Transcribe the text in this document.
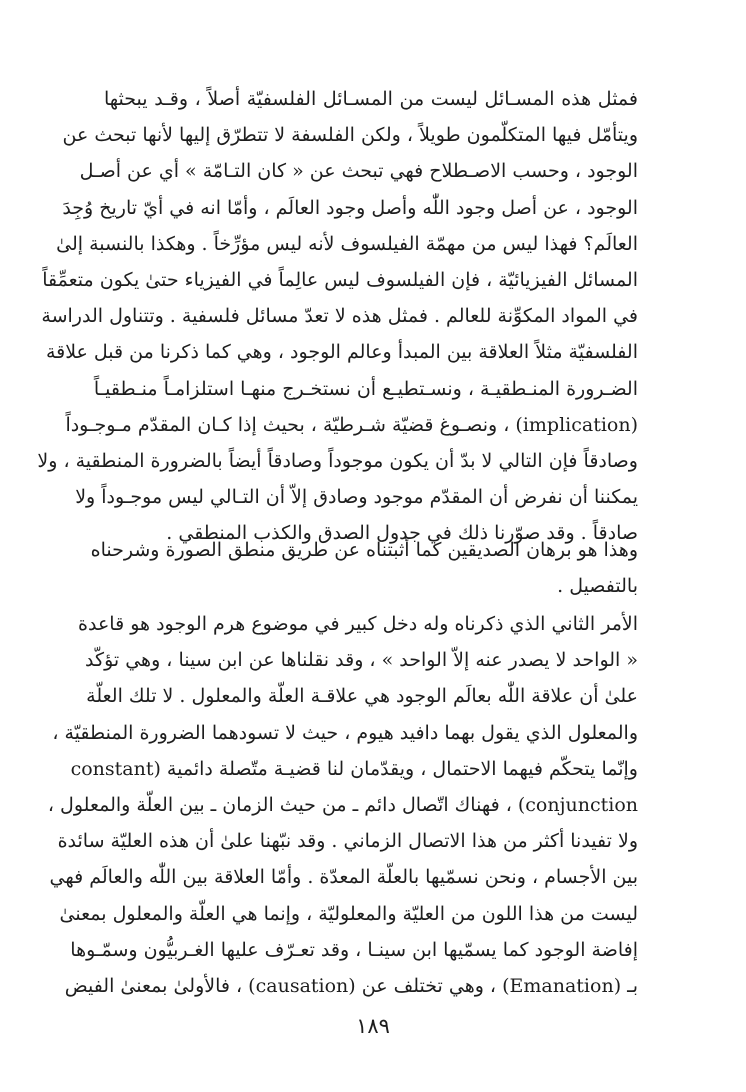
فمثل هذه المسـائل ليست من المسـائل الفلسفيّة أصلاً ، وقـد يبحثها
ويتأمّل فيها المتكلّمون طويلاً ، ولكن الفلسفة لا تتطرّق إليها لأنها تبحث عن
الوجود ، وحسب الاصـطلاح فهي تبحث عن « كان التـامّة » أي عن أصـل
الوجود ، عن أصل وجود اللّٰه وأصل وجود العالَم ، وأمّا انه في أيّ تاريخ وُجِدَ
العالَم؟ فهذا ليس من مهمّة الفيلسوف لأنه ليس مؤرِّخاً . وهكذا بالنسبة إلىٰ
المسائل الفيزيائيّة ، فإن الفيلسوف ليس عالِماً في الفيزياء حتىٰ يكون متعمِّقاً
في المواد المكوِّنة للعالم . فمثل هذه لا تعدّ مسائل فلسفية . وتتناول الدراسة
الفلسفيّة مثلاً العلاقة بين المبدأ وعالم الوجود ، وهي كما ذكرنا من قبل علاقة
الضـرورة المنـطقيـة ، ونسـتطيـع أن نستخـرج منهـا استلزامـاً منـطقيـاً
(implication) ، ونصـوغ قضيّة شـرطيّة ، بحيث إذا كـان المقدّم مـوجـوداً
وصادقاً فإن التالي لا بدّ أن يكون موجوداً وصادقاً أيضاً بالضرورة المنطقية ، ولا
يمكننا أن نفرض أن المقدّم موجود وصادق إلاّ أن التـالي ليس موجـوداً ولا
صادقاً . وقد صوّرنا ذلك في جدول الصدق والكذب المنطقي .
وهذا هو برهان الصديقين كما أثبتناه عن طريق منطق الصورة وشرحناه
بالتفصيل .
الأمر الثاني الذي ذكرناه وله دخل كبير في موضوع هرم الوجود هو قاعدة
« الواحد لا يصدر عنه إلاّ الواحد » ، وقد نقلناها عن ابن سينا ، وهي تؤكّد
علىٰ أن علاقة اللّٰه بعالَم الوجود هي علاقـة العلّة والمعلول . لا تلك العلّة
والمعلول الذي يقول بهما دافيد هيوم ، حيث لا تسودهما الضرورة المنطقيّة ،
وإنّما يتحكّم فيهما الاحتمال ، ويقدّمان لنا قضيـة متّصلة دائمية (constant
conjunction) ، فهناك اتّصال دائم ـ من حيث الزمان ـ بين العلّة والمعلول ،
ولا تفيدنا أكثر من هذا الاتصال الزماني . وقد نبّهنا علىٰ أن هذه العليّة سائدة
بين الأجسام ، ونحن نسمّيها بالعلّة المعدّة . وأمّا العلاقة بين اللّٰه والعالَم فهي
ليست من هذا اللون من العليّة والمعلوليّة ، وإنما هي العلّة والمعلول بمعنىٰ
إفاضة الوجود كما يسمّيها ابن سينـا ، وقد تعـرّف عليها الغـربيُّون وسمّـوها
بـ (Emanation) ، وهي تختلف عن (causation) ، فالأولىٰ بمعنىٰ الفيض
١٨٩
